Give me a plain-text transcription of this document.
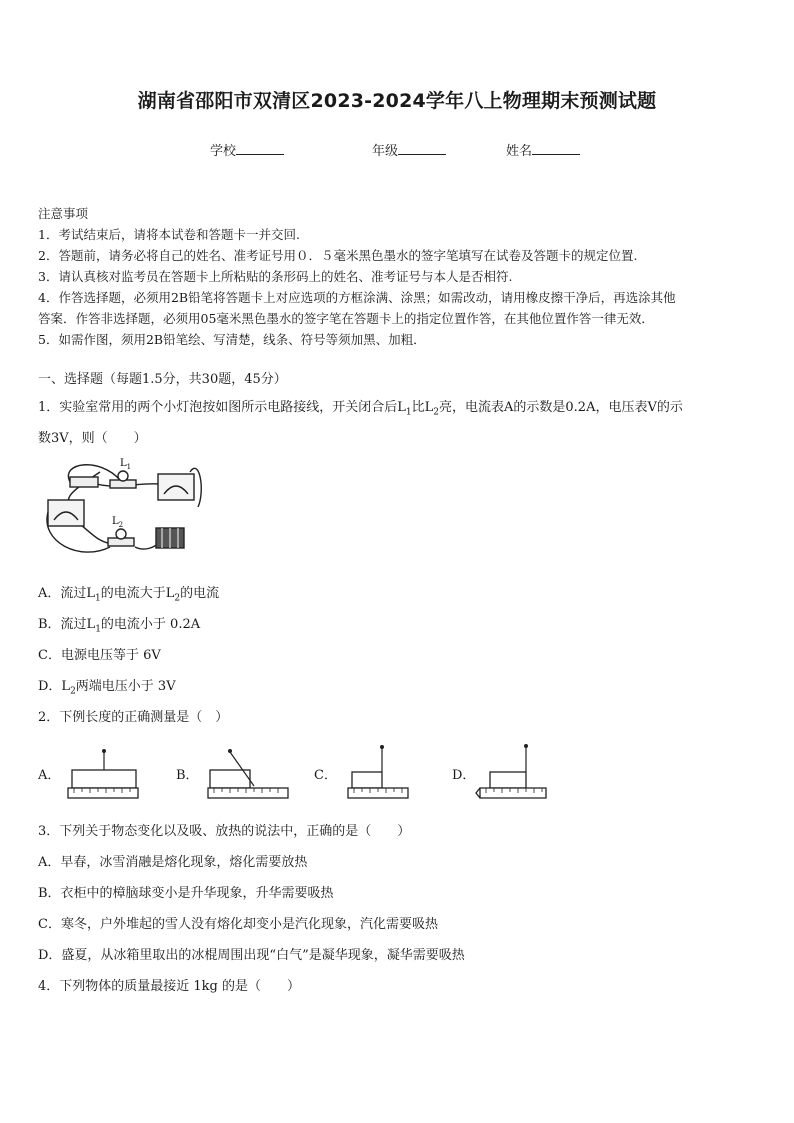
湖南省邵阳市双清区2023-2024学年八上物理期末预测试题
学校	年级	姓名

注意事项

1．考试结束后，请将本试卷和答题卡一并交回.

2．答题前，请务必将自己的姓名、准考证号用０．５毫米黑色墨水的签字笔填写在试卷及答题卡的规定位置.

3．请认真核对监考员在答题卡上所粘贴的条形码上的姓名、准考证号与本人是否相符.

4．作答选择题，必须用2B铅笔将答题卡上对应选项的方框涂满、涂黑；如需改动，请用橡皮擦干净后，再选涂其他

答案．作答非选择题，必须用05毫米黑色墨水的签字笔在答题卡上的指定位置作答，在其他位置作答一律无效．

5．如需作图，须用2B铅笔绘、写清楚，线条、符号等须加黑、加粗．

一、选择题（每题1.5分，共30题，45分）
1．实验室常用的两个小灯泡按如图所示电路接线，开关闭合后$L_1$比$L_2$亮，电流表A的示数是0.2A，电压表V的示
数3V，则（　　）
$L_1$
$L_2$
A．流过$L_1$的电流大于$L_2$的电流
B．流过$L_1$的电流小于 0.2A
C．电源电压等于 6V
D．$L_2$两端电压小于 3V
2．下例长度的正确测量是（　）
A．	B．	C．	D．
3．下列关于物态变化以及吸、放热的说法中，正确的是（　　）
A．早春，冰雪消融是熔化现象，熔化需要放热
B．衣柜中的樟脑球变小是升华现象，升华需要吸热
C．寒冬，户外堆起的雪人没有熔化却变小是汽化现象，汽化需要吸热
D．盛夏，从冰箱里取出的冰棍周围出现“白气”是凝华现象，凝华需要吸热
4．下列物体的质量最接近 1kg 的是（　　）
